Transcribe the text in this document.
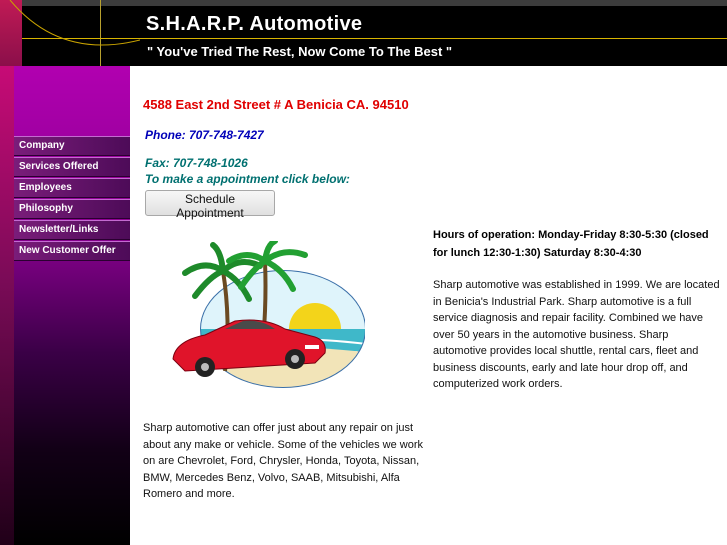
S.H.A.R.P. Automotive
" You've Tried The Rest, Now Come To The Best "
Company
Services Offered
Employees
Philosophy
Newsletter/Links
New Customer Offer
4588 East 2nd Street # A Benicia CA. 94510
Phone: 707-748-7427
Fax: 707-748-1026
To make a appointment click below:
Schedule Appointment
Hours of operation: Monday-Friday 8:30-5:30 (closed for lunch 12:30-1:30) Saturday 8:30-4:30
Sharp automotive was established in 1999. We are located in Benicia's Industrial Park. Sharp automotive is a full service diagnosis and repair facility. Combined we have over 50 years in the automotive business. Sharp automotive provides local shuttle, rental cars, fleet and business discounts, early and late hour drop off, and computerized work orders.
Sharp automotive can offer just about any repair on just about any make or vehicle. Some of the vehicles we work on are Chevrolet, Ford, Chrysler, Honda, Toyota, Nissan, BMW, Mercedes Benz, Volvo, SAAB, Mitsubishi, Alfa Romero and more.
